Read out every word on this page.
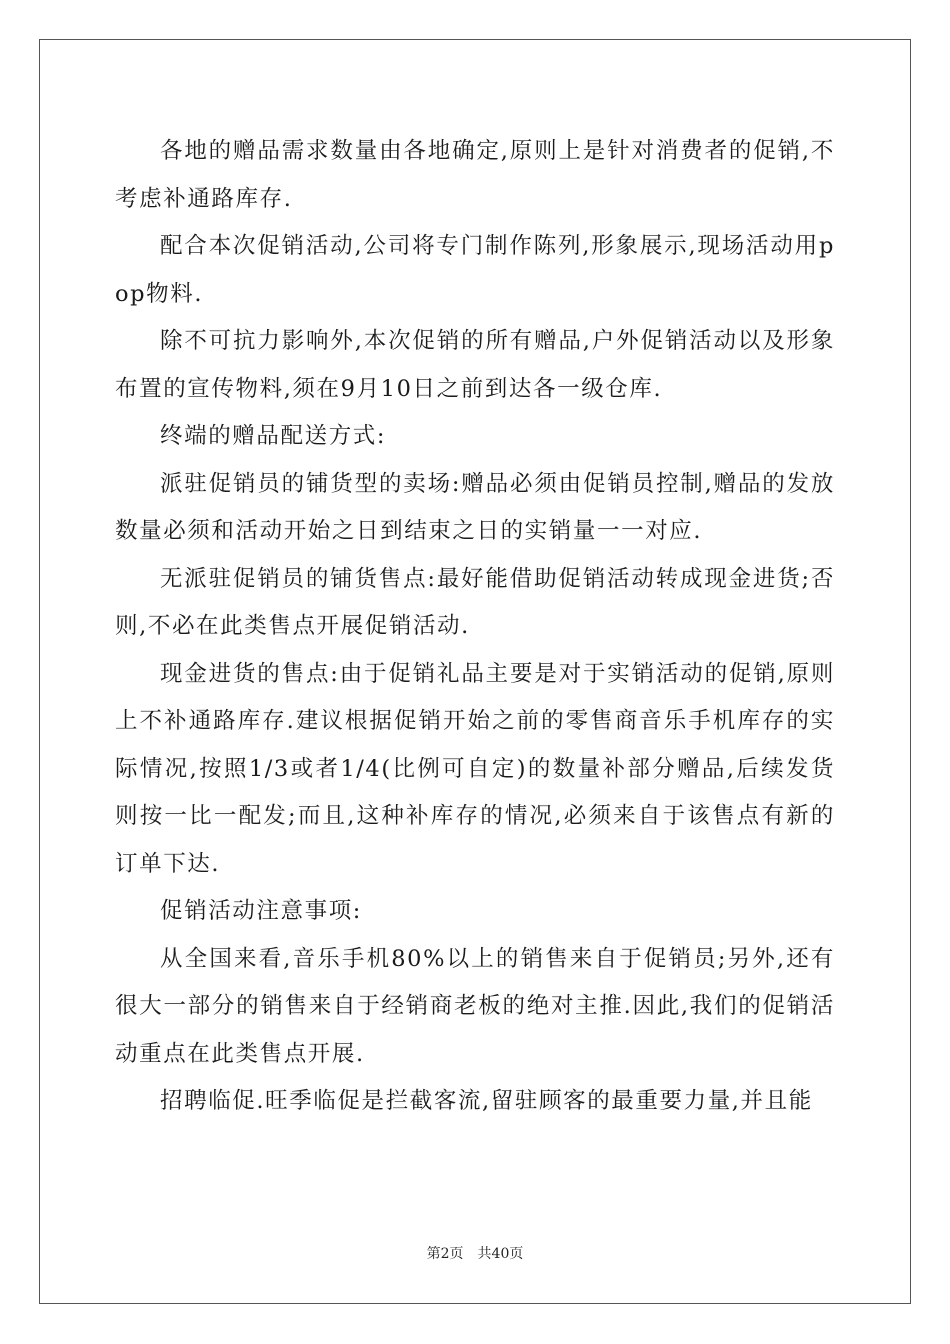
各地的赠品需求数量由各地确定,原则上是针对消费者的促销,不考虑补通路库存.

配合本次促销活动,公司将专门制作陈列,形象展示,现场活动用pop物料.

除不可抗力影响外,本次促销的所有赠品,户外促销活动以及形象布置的宣传物料,须在9月10日之前到达各一级仓库.

终端的赠品配送方式:

派驻促销员的铺货型的卖场:赠品必须由促销员控制,赠品的发放数量必须和活动开始之日到结束之日的实销量一一对应.

无派驻促销员的铺货售点:最好能借助促销活动转成现金进货;否则,不必在此类售点开展促销活动.

现金进货的售点:由于促销礼品主要是对于实销活动的促销,原则上不补通路库存.建议根据促销开始之前的零售商音乐手机库存的实际情况,按照1/3或者1/4(比例可自定)的数量补部分赠品,后续发货则按一比一配发;而且,这种补库存的情况,必须来自于该售点有新的订单下达.

促销活动注意事项:

从全国来看,音乐手机80%以上的销售来自于促销员;另外,还有很大一部分的销售来自于经销商老板的绝对主推.因此,我们的促销活动重点在此类售点开展.

招聘临促.旺季临促是拦截客流,留驻顾客的最重要力量,并且能

第2页 共40页
